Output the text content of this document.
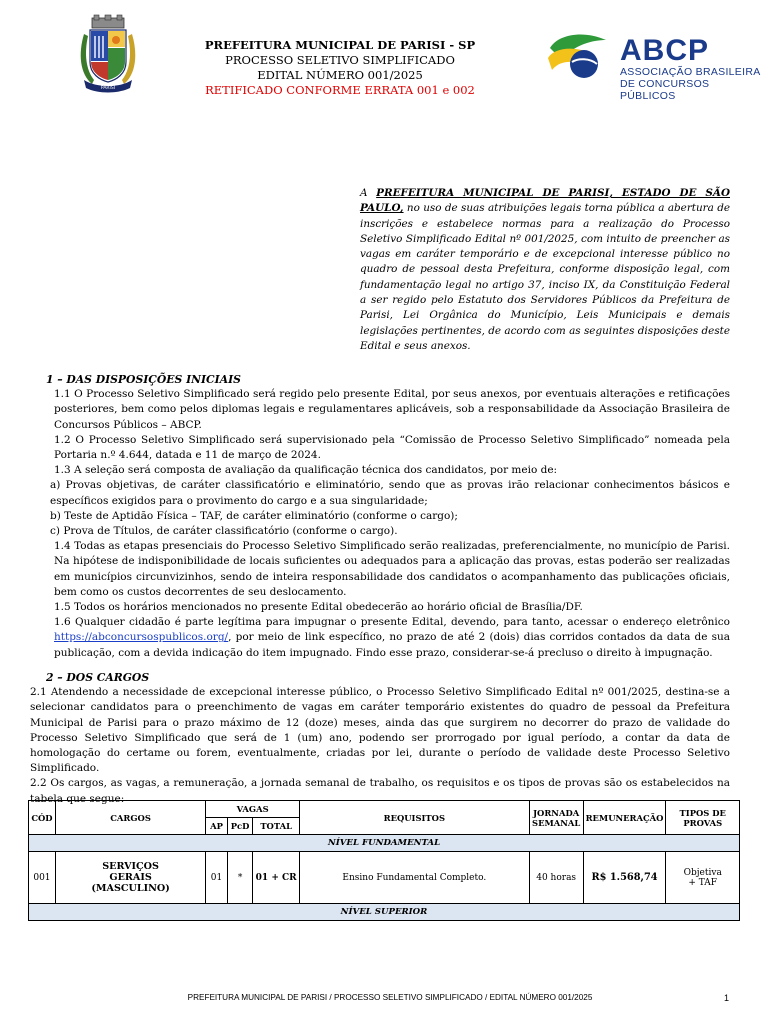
PARISI
PREFEITURA MUNICIPAL DE PARISI - SP
PROCESSO SELETIVO SIMPLIFICADO
EDITAL NÚMERO 001/2025
RETIFICADO CONFORME ERRATA 001 e 002
ABCP
ASSOCIAÇÃO BRASILEIRA
DE CONCURSOS PÚBLICOS
A PREFEITURA MUNICIPAL DE PARISI, ESTADO DE SÃO PAULO, no uso de suas atribuições legais torna pública a abertura de inscrições e estabelece normas para a realização do Processo Seletivo Simplificado Edital nº 001/2025, com intuito de preencher as vagas em caráter temporário e de excepcional interesse público no quadro de pessoal desta Prefeitura, conforme disposição legal, com fundamentação legal no artigo 37, inciso IX, da Constituição Federal a ser regido pelo Estatuto dos Servidores Públicos da Prefeitura de Parisi, Lei Orgânica do Município, Leis Municipais e demais legislações pertinentes, de acordo com as seguintes disposições deste Edital e seus anexos.
1 – DAS DISPOSIÇÕES INICIAIS

1.1 O Processo Seletivo Simplificado será regido pelo presente Edital, por seus anexos, por eventuais alterações e retificações posteriores, bem como pelos diplomas legais e regulamentares aplicáveis, sob a responsabilidade da Associação Brasileira de Concursos Públicos – ABCP.

1.2 O Processo Seletivo Simplificado será supervisionado pela “Comissão de Processo Seletivo Simplificado” nomeada pela Portaria n.º 4.644, datada e 11 de março de 2024.

1.3 A seleção será composta de avaliação da qualificação técnica dos candidatos, por meio de:

a) Provas objetivas, de caráter classificatório e eliminatório, sendo que as provas irão relacionar conhecimentos básicos e específicos exigidos para o provimento do cargo e a sua singularidade;

b) Teste de Aptidão Física – TAF, de caráter eliminatório (conforme o cargo);

c) Prova de Títulos, de caráter classificatório (conforme o cargo).

1.4 Todas as etapas presenciais do Processo Seletivo Simplificado serão realizadas, preferencialmente, no município de Parisi. Na hipótese de indisponibilidade de locais suficientes ou adequados para a aplicação das provas, estas poderão ser realizadas em municípios circunvizinhos, sendo de inteira responsabilidade dos candidatos o acompanhamento das publicações oficiais, bem como os custos decorrentes de seu deslocamento.

1.5 Todos os horários mencionados no presente Edital obedecerão ao horário oficial de Brasília/DF.

1.6 Qualquer cidadão é parte legítima para impugnar o presente Edital, devendo, para tanto, acessar o endereço eletrônico https://abconcursospublicos.org/, por meio de link específico, no prazo de até 2 (dois) dias corridos contados da data de sua publicação, com a devida indicação do item impugnado. Findo esse prazo, considerar-se-á precluso o direito à impugnação.

2 – DOS CARGOS

2.1 Atendendo a necessidade de excepcional interesse público, o Processo Seletivo Simplificado Edital nº 001/2025, destina-se a selecionar candidatos para o preenchimento de vagas em caráter temporário existentes do quadro de pessoal da Prefeitura Municipal de Parisi para o prazo máximo de 12 (doze) meses, ainda das que surgirem no decorrer do prazo de validade do Processo Seletivo Simplificado que será de 1 (um) ano, podendo ser prorrogado por igual período, a contar da data de homologação do certame ou forem, eventualmente, criadas por lei, durante o período de validade deste Processo Seletivo Simplificado.

2.2 Os cargos, as vagas, a remuneração, a jornada semanal de trabalho, os requisitos e os tipos de provas são os estabelecidos na tabela que segue:

CÓD	CARGOS	VAGAS			REQUISITOS	JORNADA SEMANAL	REMUNERAÇÃO	TIPOS DE PROVAS
		AP	PcD	TOTAL				
NÍVEL FUNDAMENTAL								
001	SERVIÇOS GERAIS (MASCULINO)	01	*	01 + CR	Ensino Fundamental Completo.	40 horas	R$ 1.568,74	Objetiva + TAF
NÍVEL SUPERIOR								
PREFEITURA MUNICIPAL DE PARISI / PROCESSO SELETIVO SIMPLIFICADO / EDITAL NÚMERO 001/2025	1
